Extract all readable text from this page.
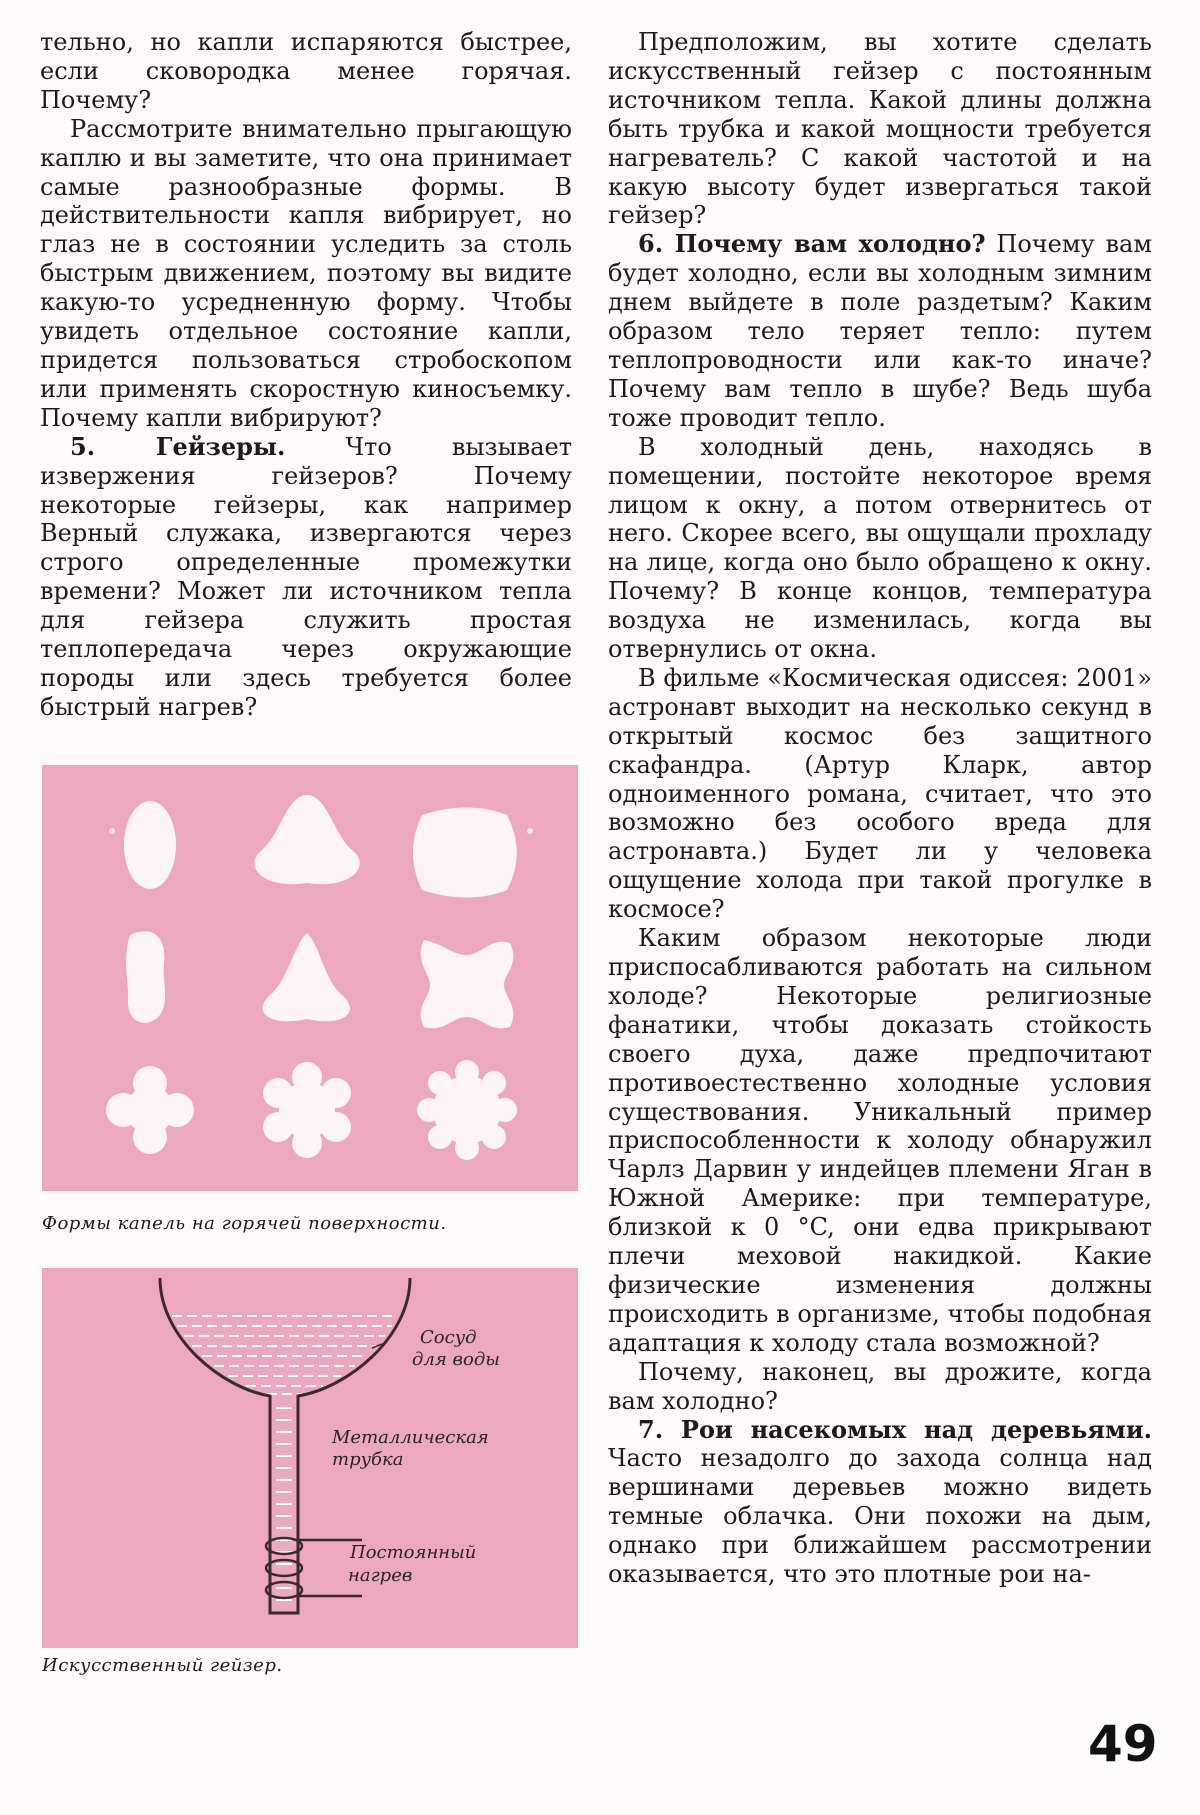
тельно, но капли испаряются быстрее, если сковородка менее горячая. Почему?

Рассмотрите внимательно прыгающую каплю и вы заметите, что она принимает самые разнообразные формы. В действительности капля вибрирует, но глаз не в состоянии уследить за столь быстрым движением, поэтому вы видите какую-то усредненную форму. Чтобы увидеть отдельное состояние капли, придется пользоваться стробоскопом или применять скоростную киносъемку. Почему капли вибрируют?

5. Гейзеры.	Что вызывает извержения гейзеров? Почему некоторые гейзеры, как например Верный служака, извергаются через строго определенные промежутки времени? Может ли источником тепла для гейзера служить простая теплопередача через окружающие породы или здесь требуется более быстрый нагрев?

Формы капель на горячей поверхности.
Сосуд
для воды
Металлическая
трубка
Постоянный
нагрев
Искусственный гейзер.

Предположим, вы хотите сделать искусственный гейзер с постоянным источником тепла. Какой длины должна быть трубка и какой мощности требуется нагреватель? С какой частотой и на какую высоту будет извергаться такой гейзер?

6. Почему вам холодно? Почему вам будет холодно, если вы холодным зимним днем выйдете в поле раздетым? Каким образом тело теряет тепло: путем теплопроводности или как-то иначе? Почему вам тепло в шубе? Ведь шуба тоже проводит тепло.

В холодный день, находясь в помещении, постойте некоторое время лицом к окну, а потом отвернитесь от него. Скорее всего, вы ощущали прохладу на лице, когда оно было обращено к окну. Почему? В конце концов, температура воздуха не изменилась, когда вы отвернулись от окна.

В фильме «Космическая одиссея: 2001» астронавт выходит на несколько секунд в открытый космос без защитного скафандра. (Артур Кларк, автор одноименного романа, считает, что это возможно без особого вреда для астронавта.) Будет ли у человека ощущение холода при такой прогулке в космосе?

Каким образом некоторые люди приспосабливаются работать на сильном холоде? Некоторые религиозные фанатики, чтобы доказать стойкость своего духа, даже предпочитают противоестественно холодные условия существования. Уникальный пример приспособленности к холоду обнаружил Чарлз Дарвин у индейцев племени Яган в Южной Америке: при температуре, близкой к 0 °C, они едва прикрывают плечи меховой накидкой. Какие физические изменения должны происходить в организме, чтобы подобная адаптация к холоду стала возможной?

Почему, наконец, вы дрожите, когда вам холодно?

7. Рои насекомых над деревьями. Часто незадолго до захода солнца над вершинами деревьев можно видеть темные облачка. Они похожи на дым, однако при ближайшем рассмотрении оказывается, что это плотные рои на-

49
